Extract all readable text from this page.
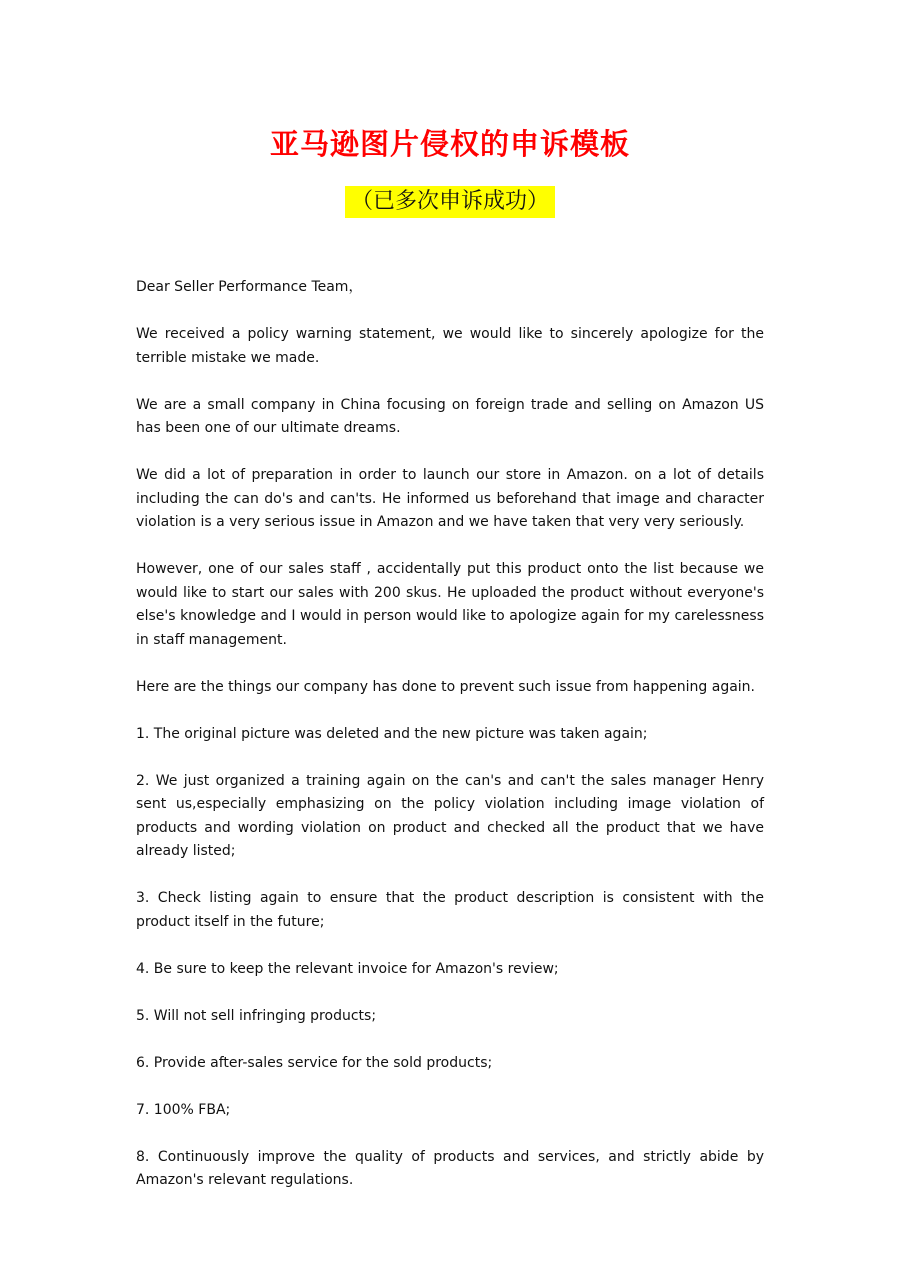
亚马逊图片侵权的申诉模板
（已多次申诉成功）

Dear Seller Performance Team，

We received a policy warning statement, we would like to sincerely apologize for the terrible mistake we made.

We are a small company in China focusing on foreign trade and selling on Amazon US has been one of our ultimate dreams.

We did a lot of preparation in order to launch our store in Amazon. on a lot of details including the can do's and can'ts. He informed us beforehand that image and character violation is a very serious issue in Amazon and we have taken that very very seriously.

However, one of our sales staff , accidentally put this product onto the list because we would like to start our sales with 200 skus. He uploaded the product without everyone's else's knowledge and I would in person would like to apologize again for my carelessness in staff management.

Here are the things our company has done to prevent such issue from happening again.

1. The original picture was deleted and the new picture was taken again;

2. We just organized a training again on the can's and can't the sales manager Henry sent us,especially emphasizing on the policy violation including image violation of products and wording violation on product and checked all the product that we have already listed;

3. Check listing again to ensure that the product description is consistent with the product itself in the future;

4. Be sure to keep the relevant invoice for Amazon's review;

5. Will not sell infringing products;

6. Provide after-sales service for the sold products;

7. 100% FBA;

8. Continuously improve the quality of products and services, and strictly abide by Amazon's relevant regulations.
